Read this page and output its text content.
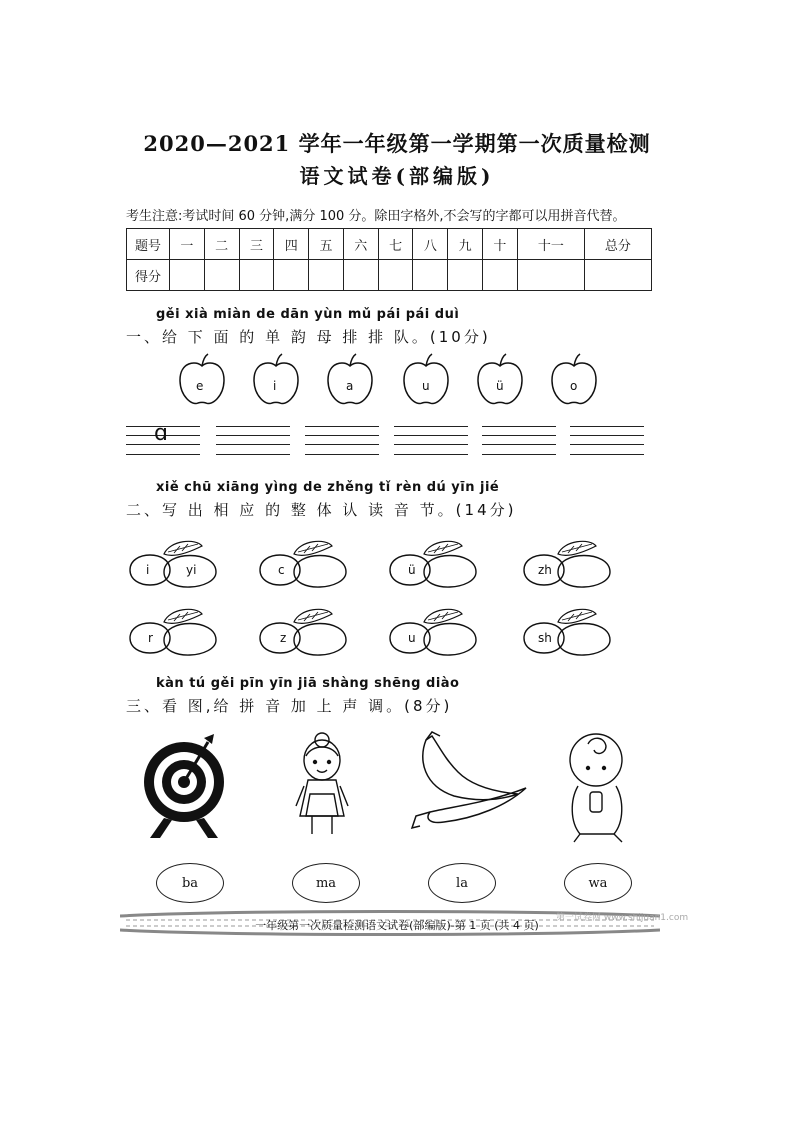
2020—2021 学年一年级第一学期第一次质量检测
语文试卷(部编版)
考生注意:考试时间 60 分钟,满分 100 分。除田字格外,不会写的字都可以用拼音代替。
题号	一	二	三	四	五	六	七	八	九	十	十一	总分
得分												
gěi xià miàn de dān yùn mǔ pái pái duì
一、给 下 面 的 单 韵 母 排 排 队。(10分)
e	i	a	u	ü	o
ɑ
xiě chū xiāng yìng de zhěng tǐ rèn dú yīn jié
二、写 出 相 应 的 整 体 认 读 音 节。(14分)
i	yi	c	ü	zh
r	z	u	sh
kàn tú gěi pīn yīn jiā shàng shēng diào
三、看 图,给 拼 音 加 上 声 调。(8分)
ba	ma	la	wa
第一试卷网 www.shijuan1.com
一年级第一次质量检测语文试卷(部编版)-第 1 页 (共 4 页)
